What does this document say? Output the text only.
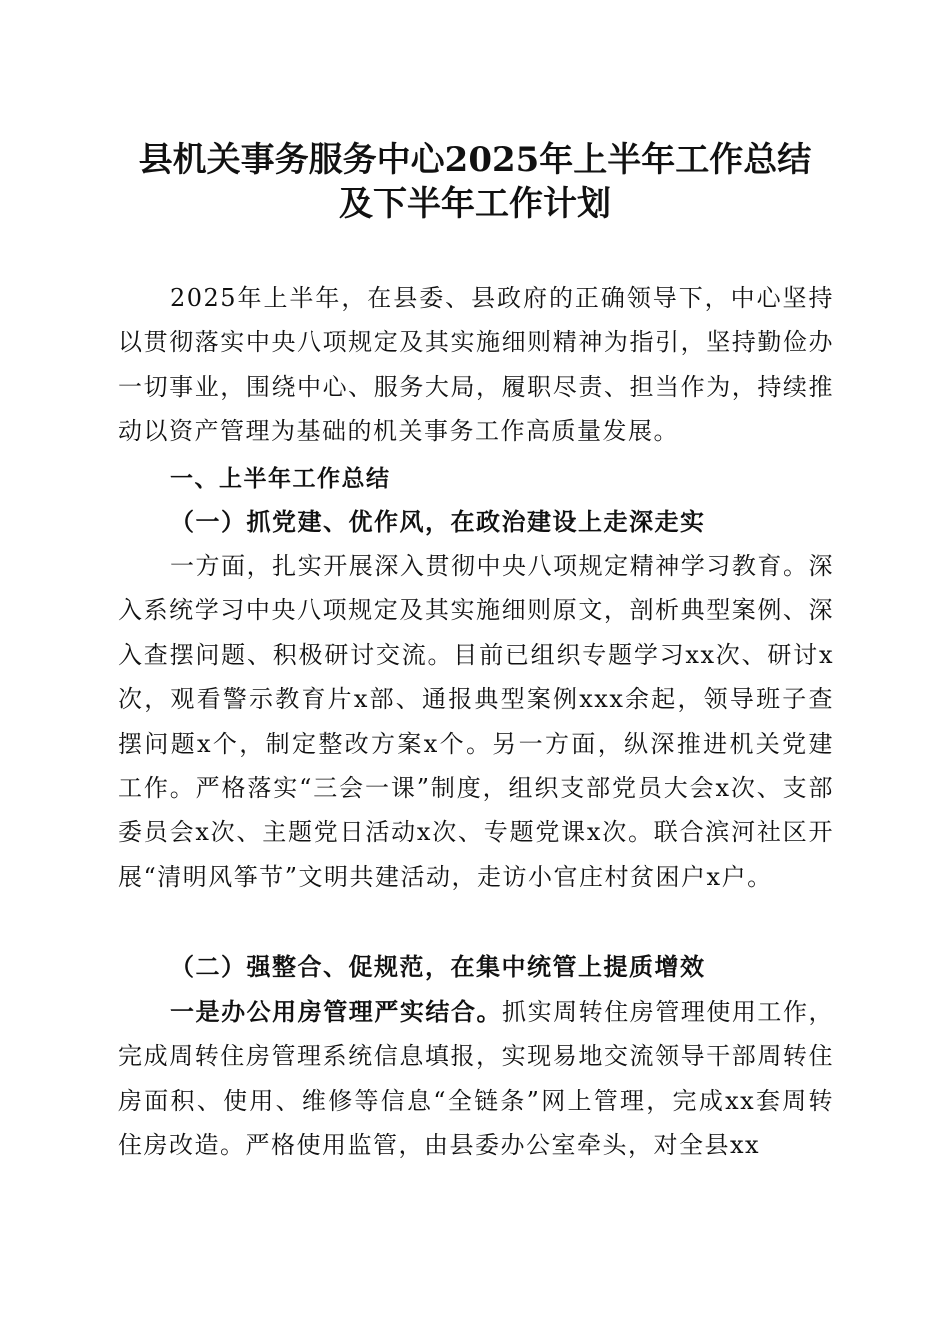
县机关事务服务中心2025年上半年工作总结
及下半年工作计划

2025年上半年，在县委、县政府的正确领导下，中心坚持以贯彻落实中央八项规定及其实施细则精神为指引，坚持勤俭办一切事业，围绕中心、服务大局，履职尽责、担当作为，持续推动以资产管理为基础的机关事务工作高质量发展。

一、上半年工作总结
（一）抓党建、优作风，在政治建设上走深走实

一方面，扎实开展深入贯彻中央八项规定精神学习教育。深入系统学习中央八项规定及其实施细则原文，剖析典型案例、深入查摆问题、积极研讨交流。目前已组织专题学习xx次、研讨x次，观看警示教育片x部、通报典型案例xxx余起，领导班子查摆问题x个，制定整改方案x个。另一方面，纵深推进机关党建工作。严格落实“三会一课”制度，组织支部党员大会x次、支部委员会x次、主题党日活动x次、专题党课x次。联合滨河社区开展“清明风筝节”文明共建活动，走访小官庄村贫困户x户。

（二）强整合、促规范，在集中统管上提质增效

一是办公用房管理严实结合。抓实周转住房管理使用工作，完成周转住房管理系统信息填报，实现易地交流领导干部周转住房面积、使用、维修等信息“全链条”网上管理，完成xx套周转住房改造。严格使用监管，由县委办公室牵头，对全县xx
